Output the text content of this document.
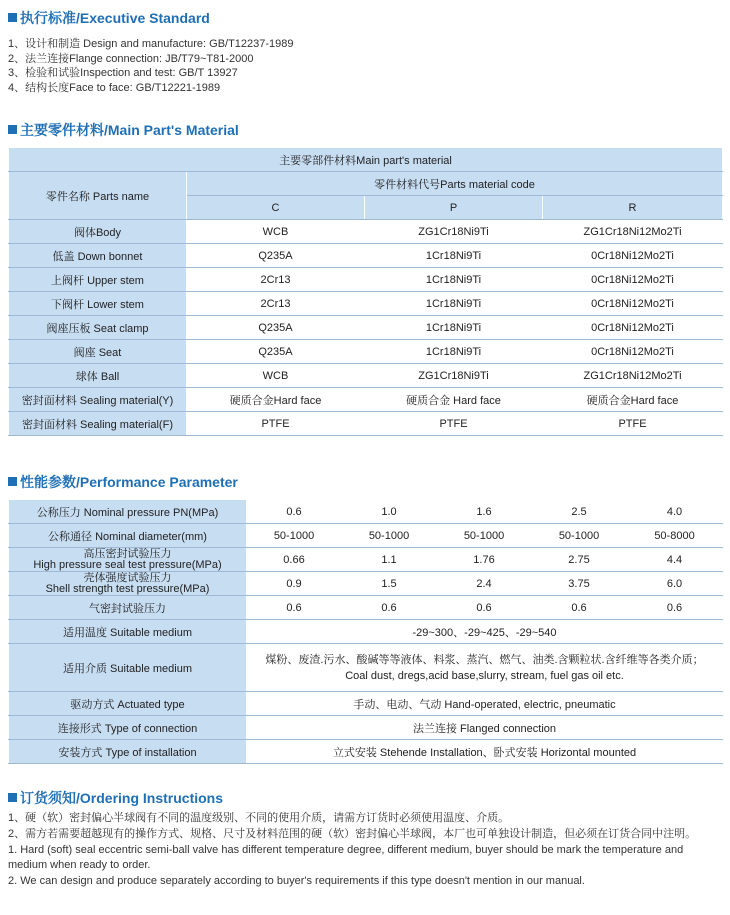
执行标准/Executive Standard
1、设计和制造 Design and manufacture: GB/T12237-1989
2、法兰连接Flange connection: JB/T79~T81-2000
3、检验和试验Inspection and test: GB/T 13927
4、结构长度Face to face: GB/T12221-1989
主要零件材料/Main Part's Material
主要零部件材料Main part's material			
零件名称 Parts name	零件材料代号Parts material code		
	C	P	R
阀体Body	WCB	ZG1Cr18Ni9Ti	ZG1Cr18Ni12Mo2Ti
低盖 Down bonnet	Q235A	1Cr18Ni9Ti	0Cr18Ni12Mo2Ti
上阀杆 Upper stem	2Cr13	1Cr18Ni9Ti	0Cr18Ni12Mo2Ti
下阀杆 Lower stem	2Cr13	1Cr18Ni9Ti	0Cr18Ni12Mo2Ti
阀座压板 Seat clamp	Q235A	1Cr18Ni9Ti	0Cr18Ni12Mo2Ti
阀座 Seat	Q235A	1Cr18Ni9Ti	0Cr18Ni12Mo2Ti
球体 Ball	WCB	ZG1Cr18Ni9Ti	ZG1Cr18Ni12Mo2Ti
密封面材料 Sealing material(Y)	硬质合金Hard face	硬质合金 Hard face	硬质合金Hard face
密封面材料 Sealing material(F)	PTFE	PTFE	PTFE
性能参数/Performance Parameter
公称压力 Nominal pressure PN(MPa)	0.6	1.0	1.6	2.5	4.0
公称通径 Nominal diameter(mm)	50-1000	50-1000	50-1000	50-1000	50-8000

高压密封试验压力
High pressure seal test pressure(MPa)	0.66	1.1	1.76	2.75	4.4

壳体强度试验压力
Shell strength test pressure(MPa)	0.9	1.5	2.4	3.75	6.0
气密封试验压力	0.6	0.6	0.6	0.6	0.6
适用温度 Suitable medium	-29~300、-29~425、-29~540				
适用介质 Suitable medium	煤粉、废渣.污水、酸碱等等液体、料浆、蒸汽、燃气、油类.含颗粒状.含纤维等各类介质；
Coal dust, dregs,acid base,slurry, stream, fuel gas oil etc.				

驱动方式 Actuated type	手动、电动、气动 Hand-operated, electric, pneumatic				
连接形式 Type of connection	法兰连接 Flanged connection				
安装方式 Type of installation	立式安装 Stehende Installation、卧式安装 Horizontal mounted				
订货须知/Ordering Instructions
1、硬（软）密封偏心半球阀有不同的温度级别、不同的使用介质，请需方订货时必须使用温度、介质。
2、需方若需要超越现有的操作方式、规格、尺寸及材料范围的硬（软）密封偏心半球阀，本厂也可单独设计制造，但必须在订货合同中注明。
1. Hard (soft) seal eccentric semi-ball valve has different temperature degree, different medium, buyer should be mark the temperature and medium when ready to order.
2. We can design and produce separately according to buyer's requirements if this type doesn't mention in our manual.
